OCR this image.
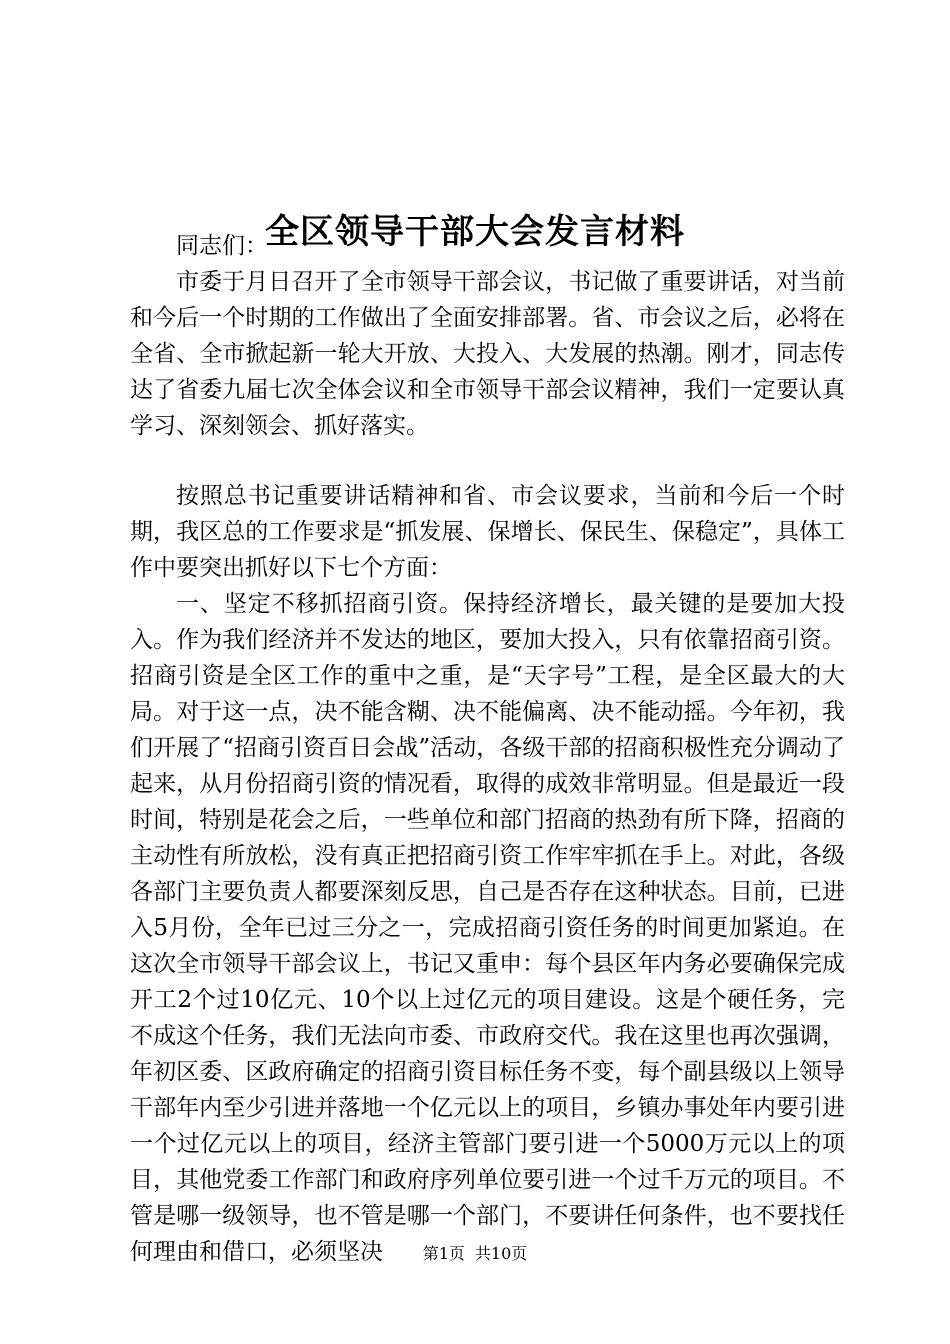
全区领导干部大会发言材料

同志们：

市委于月日召开了全市领导干部会议，书记做了重要讲话，对当前和今后一个时期的工作做出了全面安排部署。省、市会议之后，必将在全省、全市掀起新一轮大开放、大投入、大发展的热潮。刚才，同志传达了省委九届七次全体会议和全市领导干部会议精神，我们一定要认真学习、深刻领会、抓好落实。

按照总书记重要讲话精神和省、市会议要求，当前和今后一个时期，我区总的工作要求是“抓发展、保增长、保民生、保稳定”，具体工作中要突出抓好以下七个方面：

一、坚定不移抓招商引资。保持经济增长，最关键的是要加大投入。作为我们经济并不发达的地区，要加大投入，只有依靠招商引资。招商引资是全区工作的重中之重，是“天字号”工程，是全区最大的大局。对于这一点，决不能含糊、决不能偏离、决不能动摇。今年初，我们开展了“招商引资百日会战”活动，各级干部的招商积极性充分调动了起来，从月份招商引资的情况看，取得的成效非常明显。但是最近一段时间，特别是花会之后，一些单位和部门招商的热劲有所下降，招商的主动性有所放松，没有真正把招商引资工作牢牢抓在手上。对此，各级各部门主要负责人都要深刻反思，自己是否存在这种状态。目前，已进入5月份，全年已过三分之一，完成招商引资任务的时间更加紧迫。在这次全市领导干部会议上，书记又重申：每个县区年内务必要确保完成开工2个过10亿元、10个以上过亿元的项目建设。这是个硬任务，完不成这个任务，我们无法向市委、市政府交代。我在这里也再次强调，年初区委、区政府确定的招商引资目标任务不变，每个副县级以上领导干部年内至少引进并落地一个亿元以上的项目，乡镇办事处年内要引进一个过亿元以上的项目，经济主管部门要引进一个5000万元以上的项目，其他党委工作部门和政府序列单位要引进一个过千万元的项目。不管是哪一级领导，也不管是哪一个部门，不要讲任何条件，也不要找任何理由和借口，必须坚决	第1页 共10页
